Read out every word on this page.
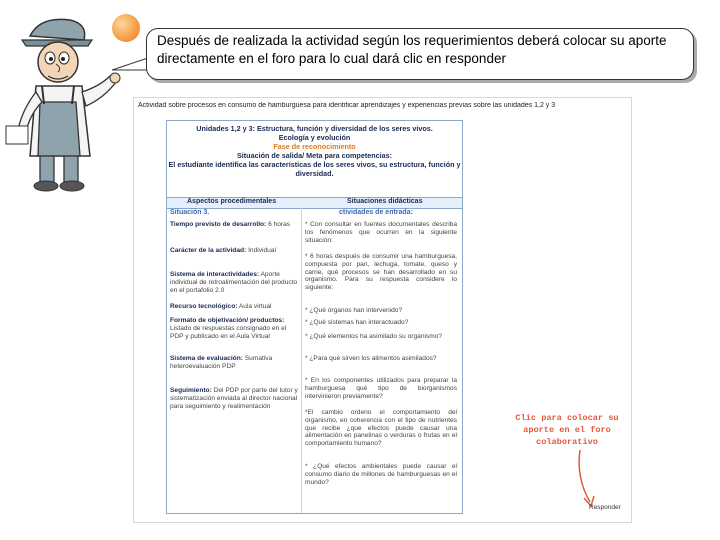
Después de realizada la actividad según los requerimientos deberá colocar su aporte directamente en el foro para lo cual dará clic en responder
Actividad sobre procesos en consumo de hamburguesa para identificar aprendizajes y experiencias previas sobre las unidades 1,2 y 3
Unidades 1,2 y 3: Estructura, función y diversidad de los seres vivos.
Ecología y evolución
Fase de reconocimiento
Situación de salida/ Meta para competencias:
El estudiante identifica las características de los seres vivos, su estructura, función y diversidad.
Aspectos procedimentales	Situaciones didácticas
Situación 3.	ctividades de entrada:
Tiempo previsto de desarrollo: 6 horas
Carácter de la actividad: Individual
Sistema de interactividades: Aporte individual de retroalimentación del producto en el portafolio 2.0
Recurso tecnológico: Aula virtual
Formato de objetivación/ productos: Listado de respuestas consignado en el PDP y publicado en el Aula Virtual
Sistema de evaluación: Sumativa heteroevaluación PDP
Seguimiento: Del PDP por parte del tutor y sistematización enviada al director nacional para seguimiento y realimentación
* Con consultar en fuentes documentales describa los fenómenos que ocurren en la siguiente situación:
* 6 horas después de consumir una hamburguesa, compuesta por pan, lechuga, tomate, queso y carne, qué procesos se han desarrollado en su organismo. Para su respuesta considere lo siguiente:
* ¿Qué órganos han intervenido?
* ¿Qué sistemas han interactuado?
* ¿Qué elementos ha asimilado su organismo?
* ¿Para qué sirven los alimentos asimilados?
* En los componentes utilizados para preparar la hamburguesa qué tipo de biorganismos intervinieron previamente?
*El cambio ordeno el comportamiento del organismo, en coherencia con el tipo de nutrientes que recibe ¿que efectos puede causar una alimentación en panelinas o verduras o frutas en el comportamiento humano?
* ¿Qué efectos ambientales puede causar el consumo diario de millones de hamburguesas en el mundo?
Clic para colocar su aporte en el foro colaborativo
Responder
